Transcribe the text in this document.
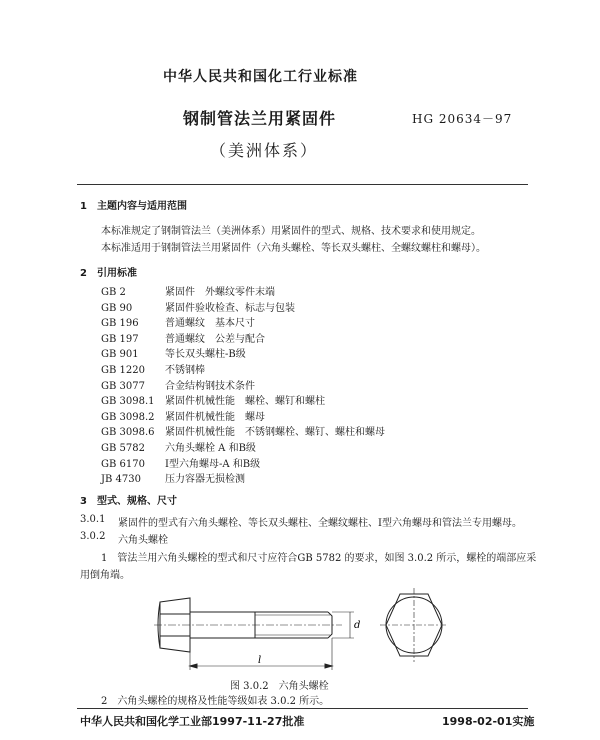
中华人民共和国化工行业标准
钢制管法兰用紧固件	HG 20634－97
（美洲体系）
1　主题内容与适用范围
本标准规定了钢制管法兰（美洲体系）用紧固件的型式、规格、技术要求和使用规定。
本标准适用于钢制管法兰用紧固件（六角头螺栓、等长双头螺柱、全螺纹螺柱和螺母）。
2　引用标准
GB 2	紧固件　外螺纹零件末端
GB 90	紧固件验收检查、标志与包装
GB 196	普通螺纹　基本尺寸
GB 197	普通螺纹　公差与配合
GB 901	等长双头螺柱-B级
GB 1220 不锈钢棒
GB 3077 合金结构钢技术条件
GB 3098.1 紧固件机械性能　螺栓、螺钉和螺柱
GB 3098.2 紧固件机械性能　螺母
GB 3098.6 紧固件机械性能　不锈钢螺栓、螺钉、螺柱和螺母
GB 5782 六角头螺栓 A 和B级
GB 6170 Ⅰ型六角螺母-A 和B级
JB 4730 压力容器无损检测
3　型式、规格、尺寸
3.0.1 紧固件的型式有六角头螺栓、等长双头螺柱、全螺纹螺柱、Ⅰ型六角螺母和管法兰专用螺母。
3.0.2 六角头螺栓
1　管法兰用六角头螺栓的型式和尺寸应符合GB 5782 的要求，如图 3.0.2 所示，螺栓的端部应采
用倒角端。
d
l
图 3.0.2　六角头螺栓
2　六角头螺栓的规格及性能等级如表 3.0.2 所示。
中华人民共和国化学工业部1997-11-27批准	1998-02-01实施
